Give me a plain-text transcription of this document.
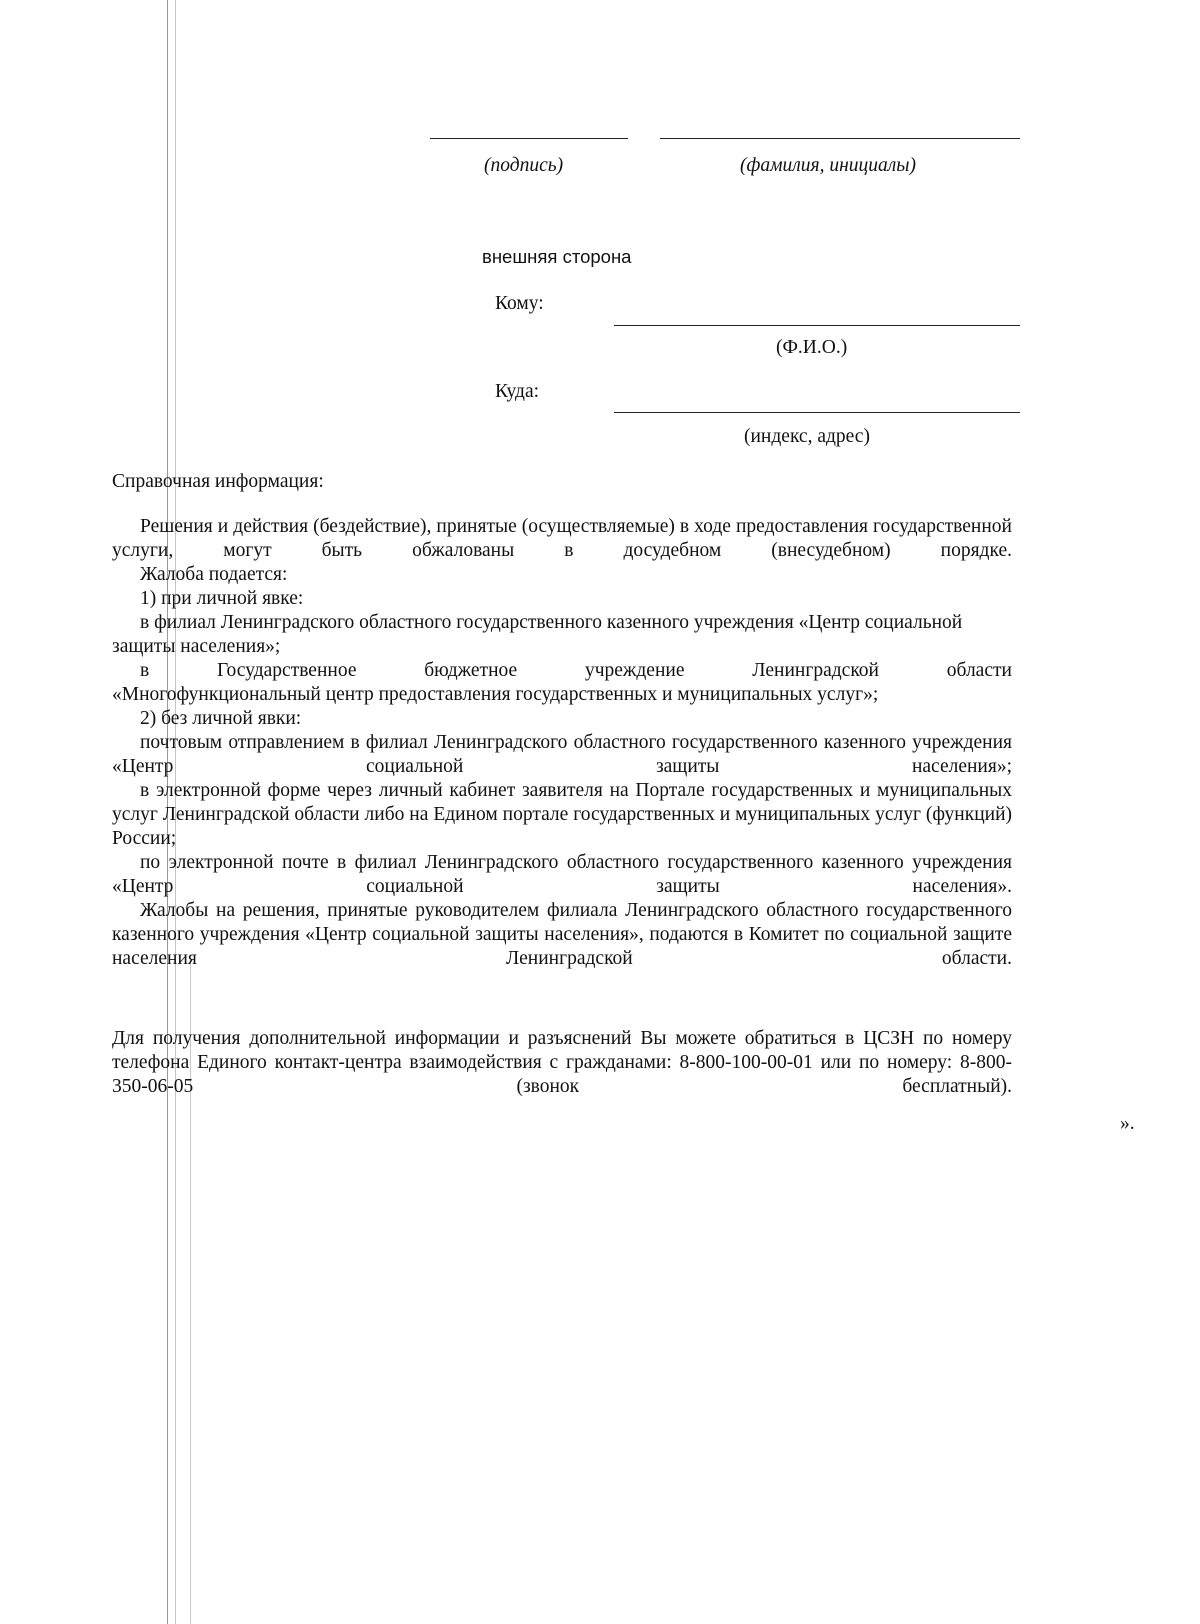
(подпись)	(фамилия, инициалы)
внешняя сторона
Кому:
(Ф.И.О.)
Куда:
(индекс, адрес)
Справочная информация:

Решения и действия (бездействие), принятые (осуществляемые) в ходе предоставления государственной услуги, могут быть обжалованы в досудебном (внесудебном) порядке.

Жалоба подается:

1) при личной явке:

в филиал Ленинградского областного государственного казенного учреждения «Центр социальной защиты населения»;

в	Государственное	бюджетное	учреждение	Ленинградской	области

«Многофункциональный центр предоставления государственных и муниципальных услуг»;

2) без личной явки:

почтовым отправлением в филиал Ленинградского областного государственного казенного учреждения «Центр социальной защиты населения»;

в электронной форме через личный кабинет заявителя на Портале государственных и муниципальных услуг Ленинградской области либо на Едином портале государственных и муниципальных услуг (функций) России;

по электронной почте в филиал Ленинградского областного государственного казенного учреждения «Центр социальной защиты населения».

Жалобы на решения, принятые руководителем филиала Ленинградского областного государственного казенного учреждения «Центр социальной защиты населения», подаются в Комитет по социальной защите населения Ленинградской области.

Для получения дополнительной информации и разъяснений Вы можете обратиться в ЦСЗН по номеру телефона Единого контакт-центра взаимодействия с гражданами: 8-800-100-00-01 или по номеру: 8-800-350-06-05 (звонок бесплатный).

».
